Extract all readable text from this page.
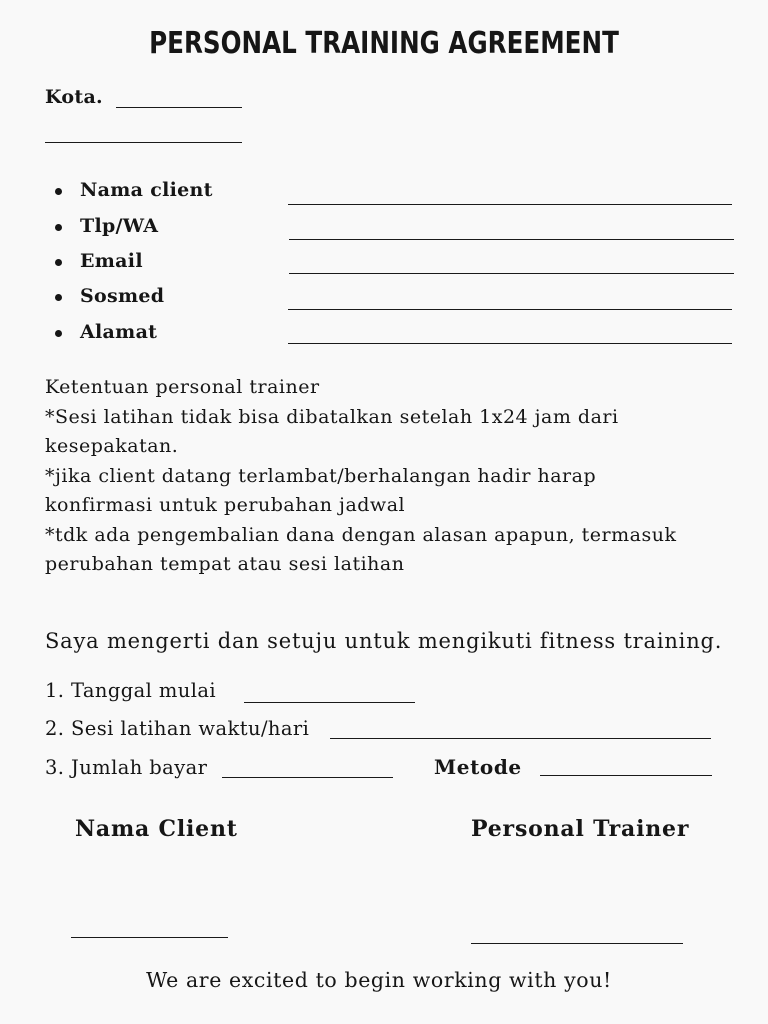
PERSONAL TRAINING AGREEMENT
Kota.
Nama client
Tlp/WA
Email
Sosmed
Alamat
Ketentuan personal trainer
*Sesi latihan tidak bisa dibatalkan setelah 1x24 jam dari
kesepakatan.
*jika client datang terlambat/berhalangan hadir harap
konfirmasi untuk perubahan jadwal
*tdk ada pengembalian dana dengan alasan apapun, termasuk
perubahan tempat atau sesi latihan
Saya mengerti dan setuju untuk mengikuti fitness training.
1. Tanggal mulai
2. Sesi latihan waktu/hari
3. Jumlah bayar	Metode
Nama Client	Personal Trainer
We are excited to begin working with you!
